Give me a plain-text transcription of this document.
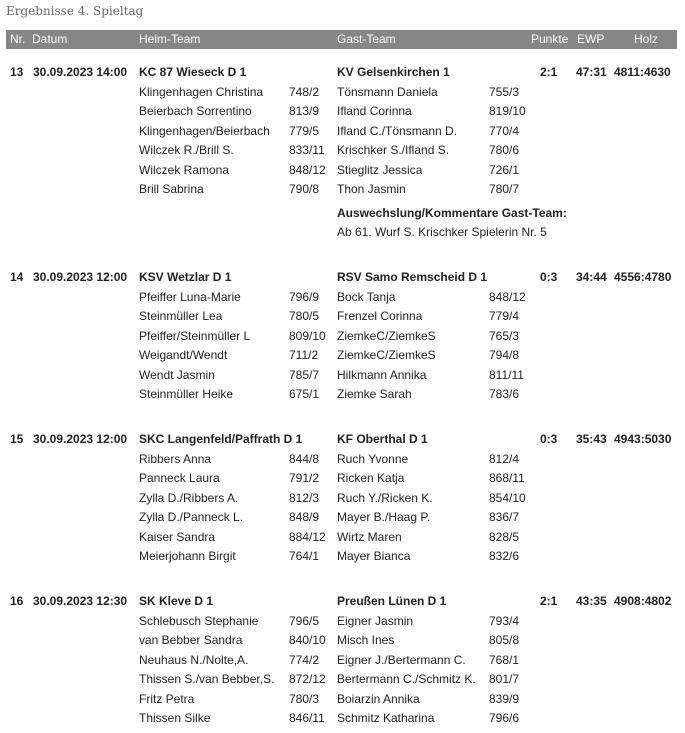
Ergebnisse 4. Spieltag
Nr. Datum	Heim-Team	Gast-Team	Punkte EWP Holz
13 30.09.2023 14:00 KC 87 Wieseck D 1	KV Gelsenkirchen 1	2:1 47:31 4811:4630
Klingenhagen Christina 748/2 Tönsmann Daniela	755/3
Beierbach Sorrentino	813/9 Ifland Corinna	819/10
Klingenhagen/Beierbach 779/5 Ifland C./Tönsmann D.	770/4
Wilczek R./Brill S.	833/11 Krischker S./Ifland S.	780/6
Wilczek Ramona	848/12 Stieglitz Jessica	726/1
Brill Sabrina	790/8 Thon Jasmin	780/7
Auswechslung/Kommentare Gast-Team:
Ab 61. Wurf S. Krischker Spielerin Nr. 5
14 30.09.2023 12:00 KSV Wetzlar D 1	RSV Samo Remscheid D 1	0:3 34:44 4556:4780
Pfeiffer Luna-Marie	796/9 Bock Tanja	848/12
Steinmüller Lea	780/5 Frenzel Corinna	779/4
Pfeiffer/Steinmüller L	809/10 ZiemkeC/ZiemkeS	765/3
Weigandt/Wendt	711/2 ZiemkeC/ZiemkeS	794/8
Wendt Jasmin	785/7 Hilkmann Annika	811/11
Steinmüller Heike	675/1 Ziemke Sarah	783/6
15 30.09.2023 12:00 SKC Langenfeld/Paffrath D 1	KF Oberthal D 1	0:3 35:43 4943:5030
Ribbers Anna	844/8 Ruch Yvonne	812/4
Panneck Laura	791/2 Ricken Katja	868/11
Zylla D./Ribbers A.	812/3 Ruch Y./Ricken K.	854/10
Zylla D./Panneck L.	848/9 Mayer B./Haag P.	836/7
Kaiser Sandra	884/12 Wirtz Maren	828/5
Meierjohann Birgit	764/1 Mayer Bianca	832/6
16 30.09.2023 12:30 SK Kleve D 1	Preußen Lünen D 1	2:1 43:35 4908:4802
Schlebusch Stephanie	796/5 Eigner Jasmin	793/4
van Bebber Sandra	840/10 Misch Ines	805/8
Neuhaus N./Nolte,A.	774/2 Eigner J./Bertermann C. 768/1
Thissen S./van Bebber,S. 872/12 Bertermann C./Schmitz K. 801/7
Fritz Petra	780/3 Boiarzin Annika	839/9
Thissen Silke	846/11 Schmitz Katharina	796/6
